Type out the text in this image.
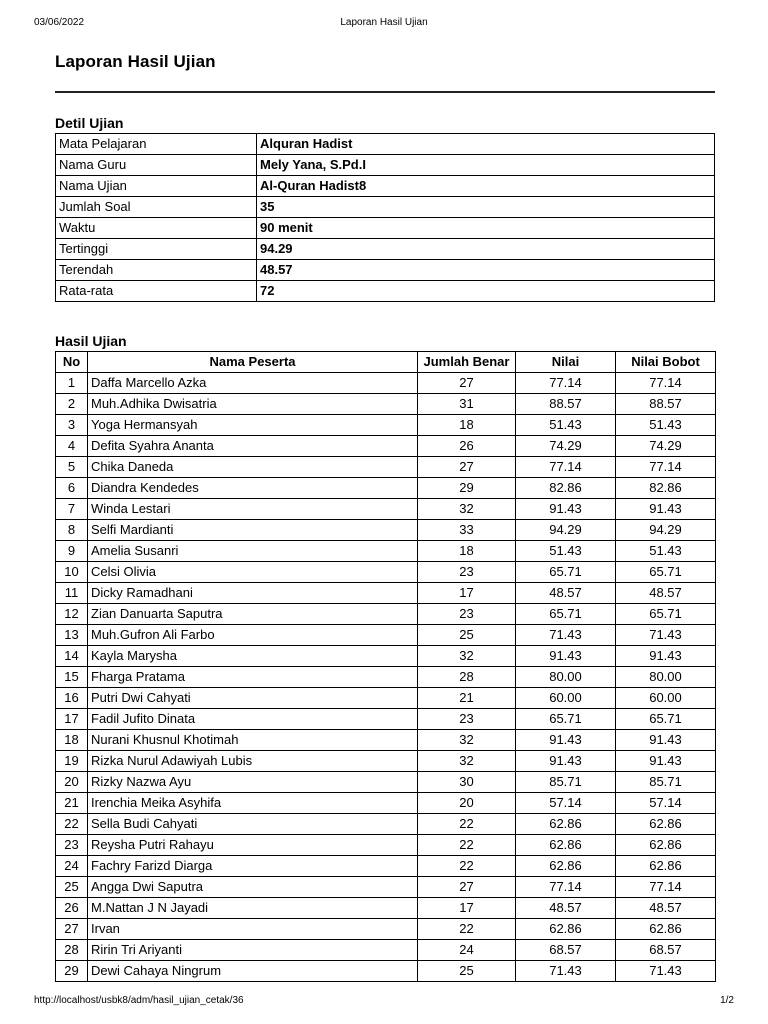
03/06/2022	Laporan Hasil Ujian
Laporan Hasil Ujian
Detil Ujian
Mata Pelajaran	Alquran Hadist
Nama Guru	Mely Yana, S.Pd.I
Nama Ujian	Al-Quran Hadist8
Jumlah Soal	35
Waktu	90 menit
Tertinggi	94.29
Terendah	48.57
Rata-rata	72
Hasil Ujian
No	Nama Peserta	Jumlah Benar	Nilai	Nilai Bobot
1	Daffa Marcello Azka	27	77.14	77.14
2	Muh.Adhika Dwisatria	31	88.57	88.57
3	Yoga Hermansyah	18	51.43	51.43
4	Defita Syahra Ananta	26	74.29	74.29
5	Chika Daneda	27	77.14	77.14
6	Diandra Kendedes	29	82.86	82.86
7	Winda Lestari	32	91.43	91.43
8	Selfi Mardianti	33	94.29	94.29
9	Amelia Susanri	18	51.43	51.43
10	Celsi Olivia	23	65.71	65.71
11	Dicky Ramadhani	17	48.57	48.57
12	Zian Danuarta Saputra	23	65.71	65.71
13	Muh.Gufron Ali Farbo	25	71.43	71.43
14	Kayla Marysha	32	91.43	91.43
15	Fharga Pratama	28	80.00	80.00
16	Putri Dwi Cahyati	21	60.00	60.00
17	Fadil Jufito Dinata	23	65.71	65.71
18	Nurani Khusnul Khotimah	32	91.43	91.43
19	Rizka Nurul Adawiyah Lubis	32	91.43	91.43
20	Rizky Nazwa Ayu	30	85.71	85.71
21	Irenchia Meika Asyhifa	20	57.14	57.14
22	Sella Budi Cahyati	22	62.86	62.86
23	Reysha Putri Rahayu	22	62.86	62.86
24	Fachry Farizd Diarga	22	62.86	62.86
25	Angga Dwi Saputra	27	77.14	77.14
26	M.Nattan J N Jayadi	17	48.57	48.57
27	Irvan	22	62.86	62.86
28	Ririn Tri Ariyanti	24	68.57	68.57
29	Dewi Cahaya Ningrum	25	71.43	71.43
http://localhost/usbk8/adm/hasil_ujian_cetak/36	1/2
